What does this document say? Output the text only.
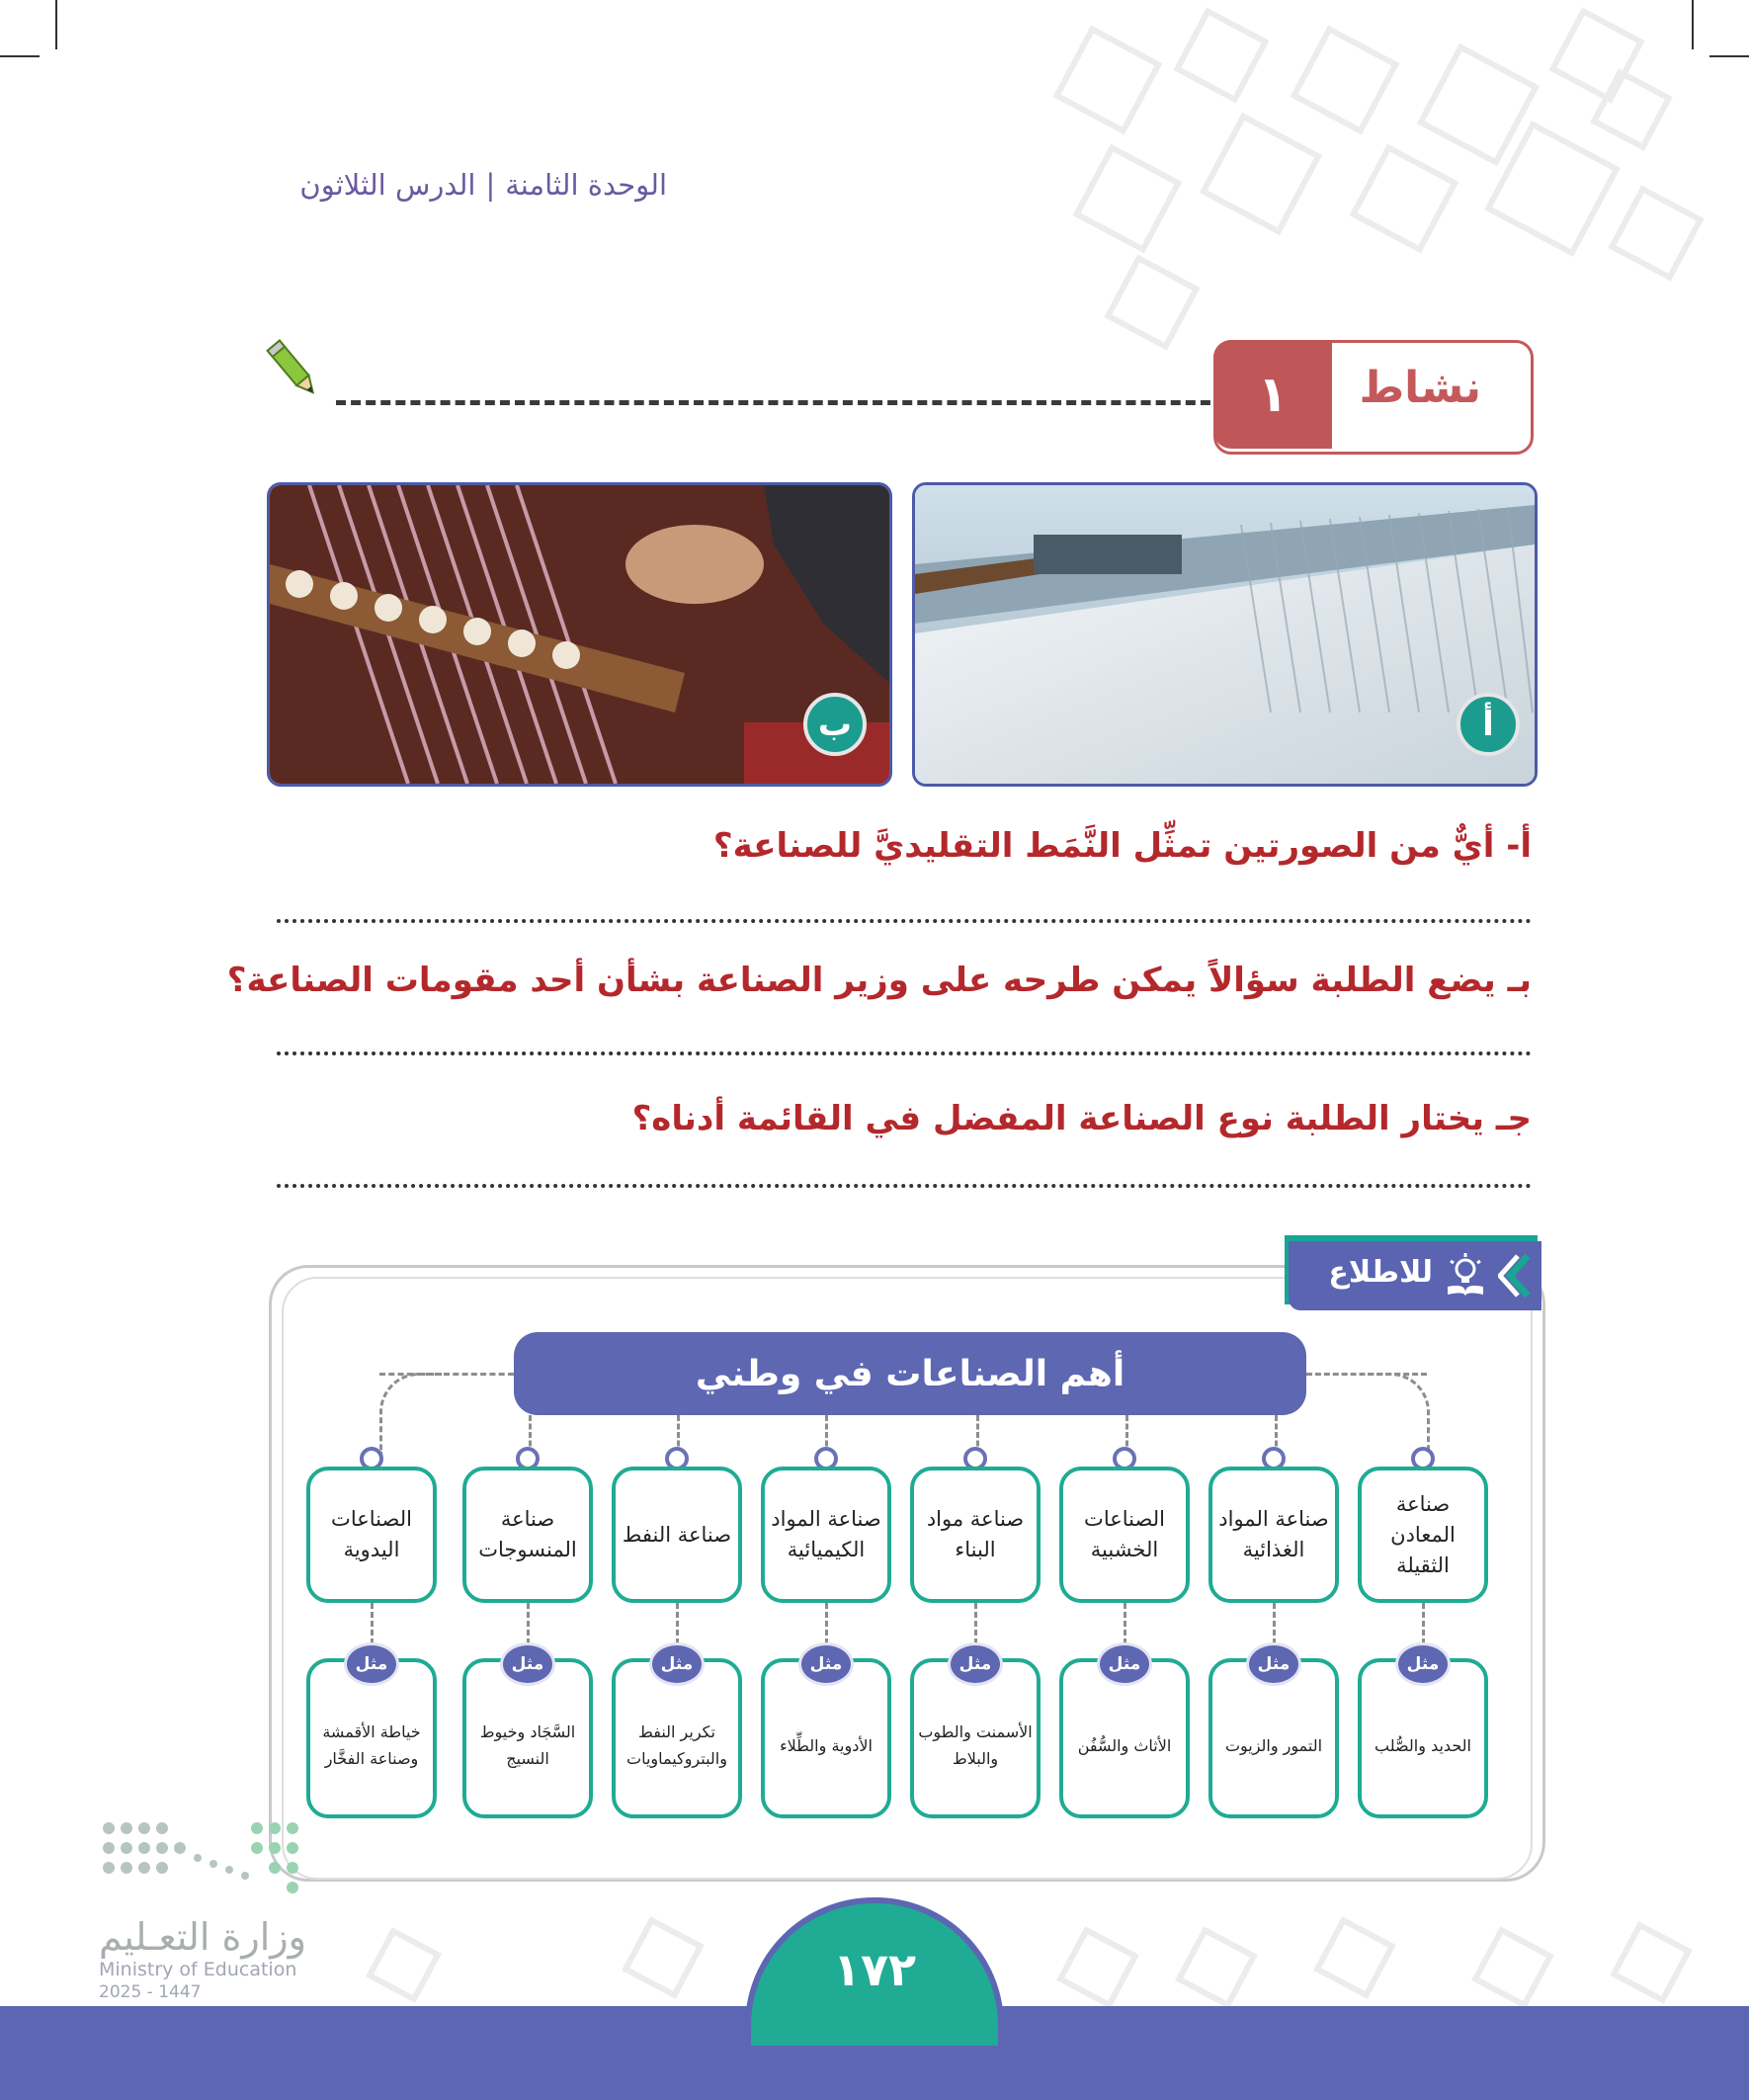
الوحدة الثامنة|الدرس الثلاثون
نشاط
١
أ
ب
أ- أيٌّ من الصورتين تمثِّل النَّمَط التقليديَّ للصناعة؟
بـ يضع الطلبة سؤالاً يمكن طرحه على وزير الصناعة بشأن أحد مقومات الصناعة؟
جـ يختار الطلبة نوع الصناعة المفضل في القائمة أدناه؟
للاطلاع
أهم الصناعات في وطني
صناعة المعادن الثقيلة
الحديد والصُّلب
مثل
صناعة المواد الغذائية
التمور والزيوت
مثل
الصناعات الخشبية
الأثاث والسُّفُن
مثل
صناعة مواد البناء
الأسمنت والطوب والبلاط
مثل
صناعة المواد الكيميائية
الأدوية والطِّلاء
مثل
صناعة النفط
تكرير النفط والبتروكيماويات
مثل
صناعة المنسوجات
السَّجَاد وخيوط النسيج
مثل
الصناعات اليدوية
خياطة الأقمشة وصناعة الفخَّار
مثل
١٧٢
وزارة التعـليم
Ministry of Education
2025 - 1447
